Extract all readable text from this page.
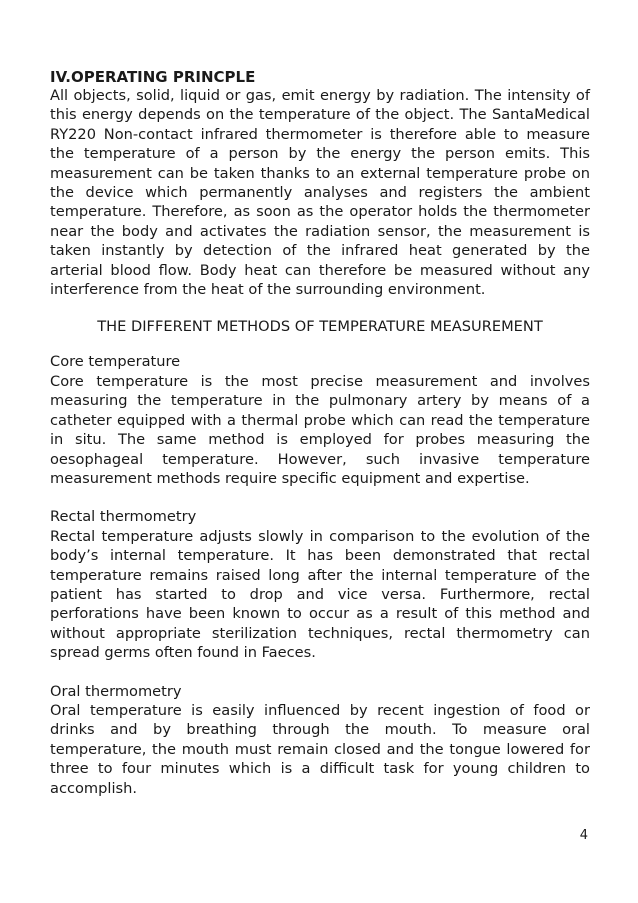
IV.OPERATING PRINCPLE

All objects, solid, liquid or gas, emit energy by radiation. The intensity of this energy depends on the temperature of the object. The SantaMedical RY220 Non-contact infrared thermometer is therefore able to measure the temperature of a person by the energy the person emits. This measurement can be taken thanks to an external temperature probe on the device which permanently analyses and registers the ambient temperature. Therefore, as soon as the operator holds the thermometer near the body and activates the radiation sensor, the measurement is taken instantly by detection of the infrared heat generated by the arterial blood flow. Body heat can therefore be measured without any interference from the heat of the surrounding environment.

THE DIFFERENT METHODS OF TEMPERATURE MEASUREMENT
Core temperature

Core temperature is the most precise measurement and involves measuring the temperature in the pulmonary artery by means of a catheter equipped with a thermal probe which can read the temperature in situ. The same method is employed for probes measuring the oesophageal temperature. However, such invasive temperature measurement methods require specific equipment and expertise.

Rectal thermometry

Rectal temperature adjusts slowly in comparison to the evolution of the body’s internal temperature. It has been demonstrated that rectal temperature remains raised long after the internal temperature of the patient has started to drop and vice versa. Furthermore, rectal perforations have been known to occur as a result of this method and without appropriate sterilization techniques, rectal thermometry can spread germs often found in Faeces.

Oral thermometry

Oral temperature is easily influenced by recent ingestion of food or drinks and by breathing through the mouth. To measure oral temperature, the mouth must remain closed and the tongue lowered for three to four minutes which is a difficult task for young children to accomplish.

4
